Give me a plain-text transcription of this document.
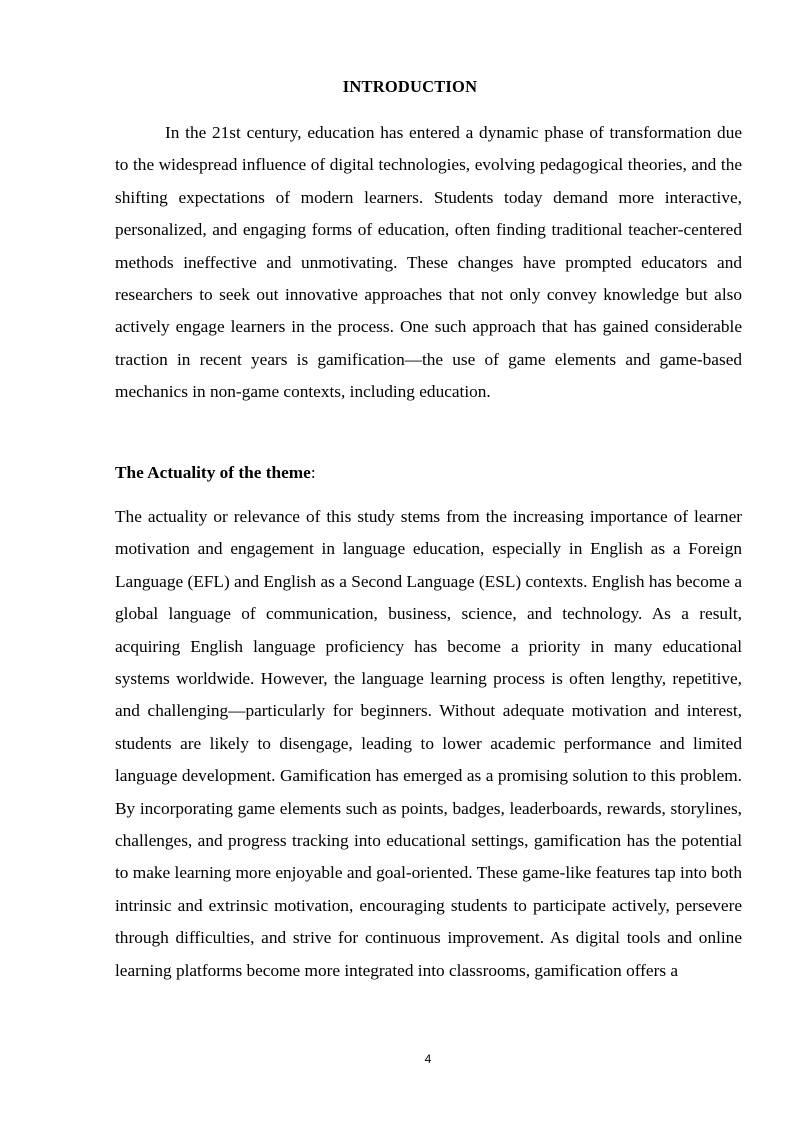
INTRODUCTION

In the 21st century, education has entered a dynamic phase of transformation due to the widespread influence of digital technologies, evolving pedagogical theories, and the shifting expectations of modern learners. Students today demand more interactive, personalized, and engaging forms of education, often finding traditional teacher-centered methods ineffective and unmotivating. These changes have prompted educators and researchers to seek out innovative approaches that not only convey knowledge but also actively engage learners in the process. One such approach that has gained considerable traction in recent years is gamification—the use of game elements and game-based mechanics in non-game contexts, including education.

The Actuality of the theme:

The actuality or relevance of this study stems from the increasing importance of learner motivation and engagement in language education, especially in English as a Foreign Language (EFL) and English as a Second Language (ESL) contexts. English has become a global language of communication, business, science, and technology. As a result, acquiring English language proficiency has become a priority in many educational systems worldwide. However, the language learning process is often lengthy, repetitive, and challenging—particularly for beginners. Without adequate motivation and interest, students are likely to disengage, leading to lower academic performance and limited language development. Gamification has emerged as a promising solution to this problem. By incorporating game elements such as points, badges, leaderboards, rewards, storylines, challenges, and progress tracking into educational settings, gamification has the potential to make learning more enjoyable and goal-oriented. These game-like features tap into both intrinsic and extrinsic motivation, encouraging students to participate actively, persevere through difficulties, and strive for continuous improvement. As digital tools and online learning platforms become more integrated into classrooms, gamification offers a

4
